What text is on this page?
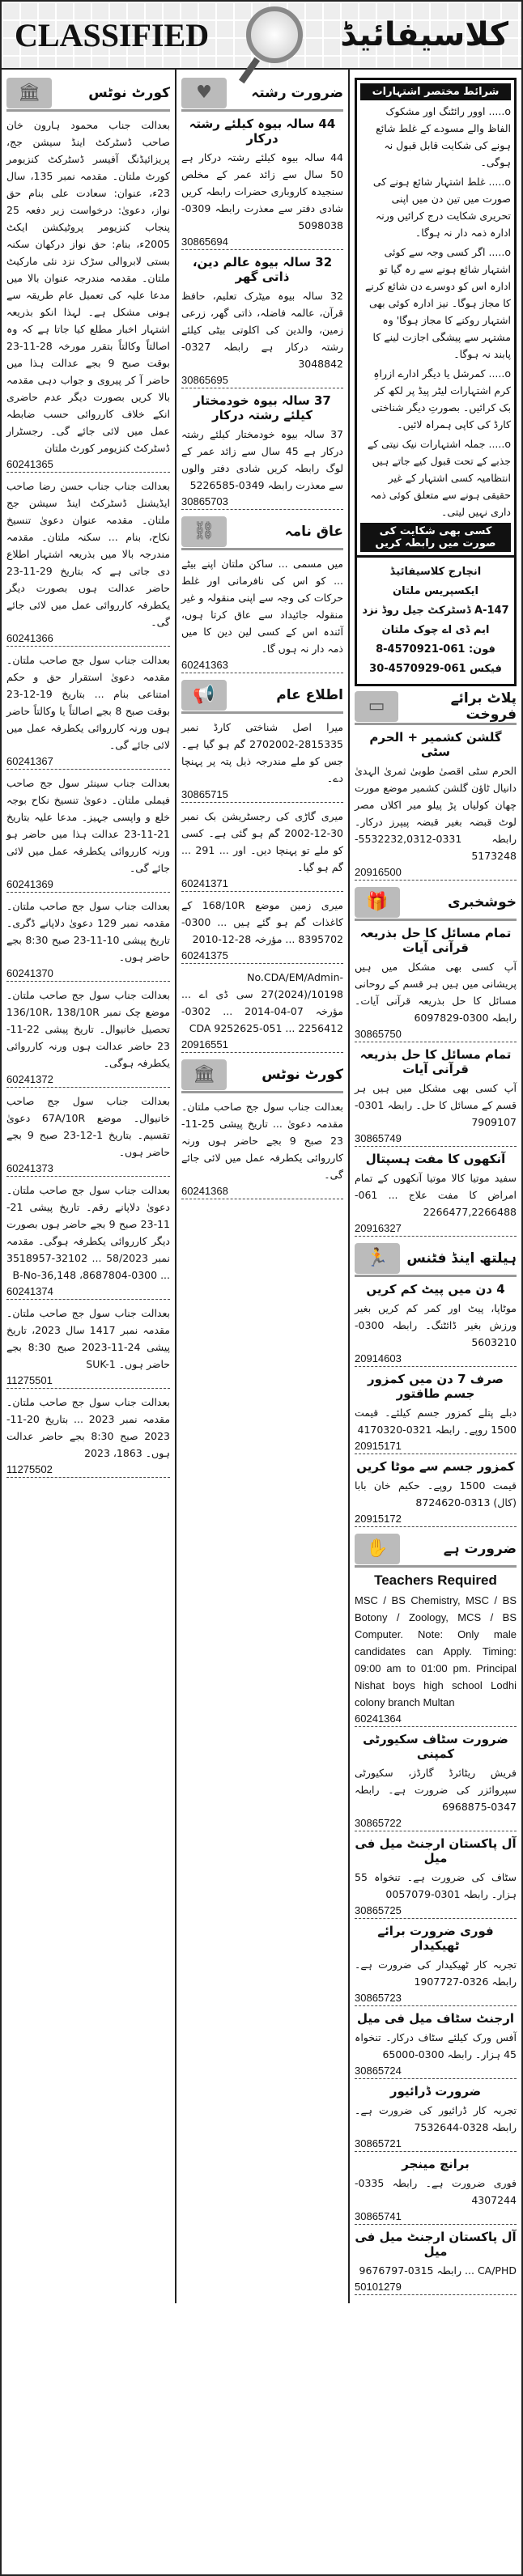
CLASSIFIED	کلاسیفائیڈ
شرائط مختصر اشتہارات
o..... اوور رائٹنگ اور مشکوک الفاظ والے مسودے کے غلط شائع ہونے کی شکایت قابل قبول نہ ہوگی۔
o..... غلط اشتہار شائع ہونے کی صورت میں تین دن میں اپنی تحریری شکایت درج کرائیں ورنہ ادارہ ذمہ دار نہ ہوگا۔
o..... اگر کسی وجہ سے کوئی اشتہار شائع ہونے سے رہ گیا تو ادارہ اس کو دوسرے دن شائع کرنے کا مجاز ہوگا۔ نیز ادارہ کوئی بھی اشتہار روکنے کا مجاز ہوگا' وہ مشتہر سے پیشگی اجازت لینے کا پابند نہ ہوگا۔
o..... کمرشل یا دیگر ادارے ازراہِ کرم اشتہارات لیٹر پیڈ پر لکھ کر بک کرائیں۔ بصورتِ دیگر شناختی کارڈ کی کاپی ہمراہ لائیں۔
o..... جملہ اشتہارات نیک نیتی کے جذبے کے تحت قبول کیے جاتے ہیں انتظامیہ کسی اشتہار کے غیر حقیقی ہونے سے متعلق کوئی ذمہ داری نہیں لیتی۔
کسی بھی شکایت کی صورت میں رابطہ کریں
انچارج کلاسیفائیڈ ایکسپریس ملتان
147-A ڈسٹرکٹ جیل روڈ نزد ایم ڈی اے چوک ملتان
فون: 061-4570921-8 فیکس 061-4570929-30
پلاٹ برائے فروخت
▭
گلشن کشمیر + الحرم سٹی
الحرم سٹی اقصیٰ طوبیٰ ثمریٰ الہدیٰ دانیال ٹاؤن گلشن کشمیر موضع مورت چھان کولیاں پڑ پیلو میر اکلاں مصر لوٹ قبضہ بغیر قبضہ پیپرز درکار۔ رابطہ 0331-5532232,0312-5173248
20916500
خوشخبری
🎁
تمام مسائل کا حل بذریعہ قرآنی آیات
آپ کسی بھی مشکل میں ہیں پریشانی میں ہیں ہر قسم کے روحانی مسائل کا حل بذریعہ قرآنی آیات۔ رابطہ 0300-6097829
30865750
تمام مسائل کا حل بذریعہ قرآنی آیات
آپ کسی بھی مشکل میں ہیں ہر قسم کے مسائل کا حل۔ رابطہ 0301-7909107
30865749
آنکھوں کا مفت ہسپتال
سفید موتیا کالا موتیا آنکھوں کے تمام امراض کا مفت علاج ... 061-2266477,2266488
20916327
ہیلتھ اینڈ فٹنس
🏃
4 دن میں پیٹ کم کریں
موٹاپا، پیٹ اور کمر کم کریں بغیر ورزش بغیر ڈائٹنگ۔ رابطہ 0300-5603210
20914603
صرف 7 دن میں کمزور جسم طاقتور
دبلے پتلے کمزور جسم کیلئے۔ قیمت 1500 روپے۔ رابطہ 0321-4170320
20915171
کمزور جسم سے موٹا کریں
قیمت 1500 روپے۔ حکیم خان بابا (کال) 0313-8724620
20915172
ضرورت ہے
✋
Teachers Required
MSC / BS Chemistry, MSC / BS Botony / Zoology, MCS / BS Computer. Note: Only male candidates can Apply. Timing: 09:00 am to 01:00 pm. Principal Nishat boys high school Lodhi colony branch Multan
60241364
ضرورت سٹاف سکیورٹی کمپنی
فریش ریٹائرڈ گارڈز، سکیورٹی سپروائزر کی ضرورت ہے۔ رابطہ 0347-6968875
30865722
آل پاکستان ارجنٹ میل فی میل
سٹاف کی ضرورت ہے۔ تنخواہ 55 ہزار۔ رابطہ 0301-0057079
30865725
فوری ضرورت برائے ٹھیکیدار
تجربہ کار ٹھیکیدار کی ضرورت ہے۔ رابطہ 0326-1907727
30865723
ارجنٹ سٹاف میل فی میل
آفس ورک کیلئے سٹاف درکار۔ تنخواہ 45 ہزار۔ رابطہ 0300-65000
30865724
ضرورت ڈرائیور
تجربہ کار ڈرائیور کی ضرورت ہے۔ رابطہ 0328-7532644
30865721
برانچ مینجر
فوری ضرورت ہے۔ رابطہ 0335-4307244
30865741
آل پاکستان ارجنٹ میل فی میل
CA/PHD ... رابطہ 0315-9676797
50101279
ضرورت رشتہ
♥
44 سالہ بیوہ کیلئے رشتہ درکار
44 سالہ بیوہ کیلئے رشتہ درکار ہے 50 سال سے زائد عمر کے مخلص سنجیدہ کاروباری حضرات رابطہ کریں شادی دفتر سے معذرت رابطہ 0309-5098038
30865694
32 سالہ بیوہ عالم دین، ذاتی گھر
32 سالہ بیوہ میٹرک تعلیم، حافظ قرآن، عالمہ فاضلہ، ذاتی گھر، زرعی زمین، والدین کی اکلوتی بیٹی کیلئے رشتہ درکار ہے رابطہ 0327-3048842
30865695
37 سالہ بیوہ خودمختار کیلئے رشتہ درکار
37 سالہ بیوہ خودمختار کیلئے رشتہ درکار ہے 45 سال سے زائد عمر کے لوگ رابطہ کریں شادی دفتر والوں سے معذرت رابطہ 0349-5226585
30865703
عاق نامہ
⛓
میں مسمی ... ساکن ملتان اپنے بیٹے ... کو اس کی نافرمانی اور غلط حرکات کی وجہ سے اپنی منقولہ و غیر منقولہ جائیداد سے عاق کرتا ہوں، آئندہ اس کے کسی لین دین کا میں ذمہ دار نہ ہوں گا۔
60241363
اطلاع عام
📢
میرا اصل شناختی کارڈ نمبر 2815335-2702002 گم ہو گیا ہے۔ جس کو ملے مندرجہ ذیل پتہ پر پہنچا دے۔
30865715
میری گاڑی کی رجسٹریشن بک نمبر 30-12-2002 گم ہو گئی ہے۔ کسی کو ملے تو پہنچا دیں۔ اور ... 291 ... گم ہو گیا۔
60241371
میری زمین موضع 168/10R کے کاغذات گم ہو گئے ہیں ... 0300-8395702 ... مؤرخہ 28-12-2010
60241375
No.CDA/EM/Admin-27(2024)/10198 سی ڈی اے ... مؤرخہ 07-04-2014 ... 0302-2256412 ... 051-9252625 CDA
20916551
کورٹ نوٹس
🏛
بعدالت جناب سول جج صاحب ملتان۔ مقدمہ دعویٰ ... تاریخ پیشی 25-11-23 صبح 9 بجے حاضر ہوں ورنہ کارروائی یکطرفہ عمل میں لائی جائے گی۔
60241368
کورٹ نوٹس
🏛
بعدالت جناب محمود ہارون خان صاحب ڈسٹرکٹ اینڈ سیشن جج، پریزائیڈنگ آفیسر ڈسٹرکٹ کنزیومر کورٹ ملتان۔ مقدمہ نمبر 135، سال 23ء، عنوان: سعادت علی بنام حق نواز، دعویٰ: درخواست زیر دفعہ 25 پنجاب کنزیومر پروٹیکشن ایکٹ 2005ء، بنام: حق نواز درکھان سکنہ بستی لابروالی سڑک نزد نئی مارکیٹ ملتان۔ مقدمہ مندرجہ عنوان بالا میں مدعا علیہ کی تعمیل عام طریقہ سے ہونی مشکل ہے۔ لہذا انکو بذریعہ اشتہار اخبار مطلع کیا جاتا ہے کہ وہ اصالتاً وکالتاً بتقرر مورخہ 28-11-23 بوقت صبح 9 بجے عدالت ہذا میں حاضر آ کر پیروی و جواب دہی مقدمہ بالا کریں بصورت دیگر عدم حاضری انکے خلاف کارروائی حسب ضابطہ عمل میں لائی جائے گی۔ رجسٹرار ڈسٹرکٹ کنزیومر کورٹ ملتان
60241365
بعدالت جناب جناب حسن رضا صاحب ایڈیشنل ڈسٹرکٹ اینڈ سیشن جج ملتان۔ مقدمہ عنوان دعویٰ تنسیخ نکاح، بنام ... سکنہ ملتان۔ مقدمہ مندرجہ بالا میں بذریعہ اشتہار اطلاع دی جاتی ہے کہ بتاریخ 29-11-23 حاضر عدالت ہوں بصورت دیگر یکطرفہ کارروائی عمل میں لائی جائے گی۔
60241366
بعدالت جناب سول جج صاحب ملتان۔ مقدمہ دعویٰ استقرار حق و حکم امتناعی بنام ... بتاریخ 19-12-23 بوقت صبح 8 بجے اصالتاً یا وکالتاً حاضر ہوں ورنہ کارروائی یکطرفہ عمل میں لائی جائے گی۔
60241367
بعدالت جناب سینئر سول جج صاحب فیملی ملتان۔ دعویٰ تنسیخ نکاح بوجہ خلع و واپسی جہیز۔ مدعا علیہ بتاریخ 21-11-23 عدالت ہذا میں حاضر ہو ورنہ کارروائی یکطرفہ عمل میں لائی جائے گی۔
60241369
بعدالت جناب سول جج صاحب ملتان۔ مقدمہ نمبر 129 دعویٰ دلاپانے ڈگری۔ تاریخ پیشی 10-11-23 صبح 8:30 بجے حاضر ہوں۔
60241370
بعدالت جناب سول جج صاحب ملتان۔ موضع چک نمبر 136/10R، 138/10R تحصیل خانیوال۔ تاریخ پیشی 22-11-23 حاضر عدالت ہوں ورنہ کارروائی یکطرفہ ہوگی۔
60241372
بعدالت جناب سول جج صاحب خانیوال۔ موضع 67A/10R دعویٰ تقسیم۔ بتاریخ 1-12-23 صبح 9 بجے حاضر ہوں۔
60241373
بعدالت جناب سول جج صاحب ملتان۔ دعویٰ دلاپانے رقم۔ تاریخ پیشی 21-11-23 صبح 9 بجے حاضر ہوں بصورت دیگر کارروائی یکطرفہ ہوگی۔ مقدمہ نمبر 58/2023 ... 32102-3518957 ... 0300-8687804، 148,B-No-36
60241374
بعدالت جناب سول جج صاحب ملتان۔ مقدمہ نمبر 1417 سال 2023، تاریخ پیشی 24-11-2023 صبح 8:30 بجے حاضر ہوں۔ SUK-1
11275501
بعدالت جناب سول جج صاحب ملتان۔ مقدمہ نمبر 2023 ... بتاریخ 20-11-2023 صبح 8:30 بجے حاضر عدالت ہوں۔ 1863، 2023
11275502
